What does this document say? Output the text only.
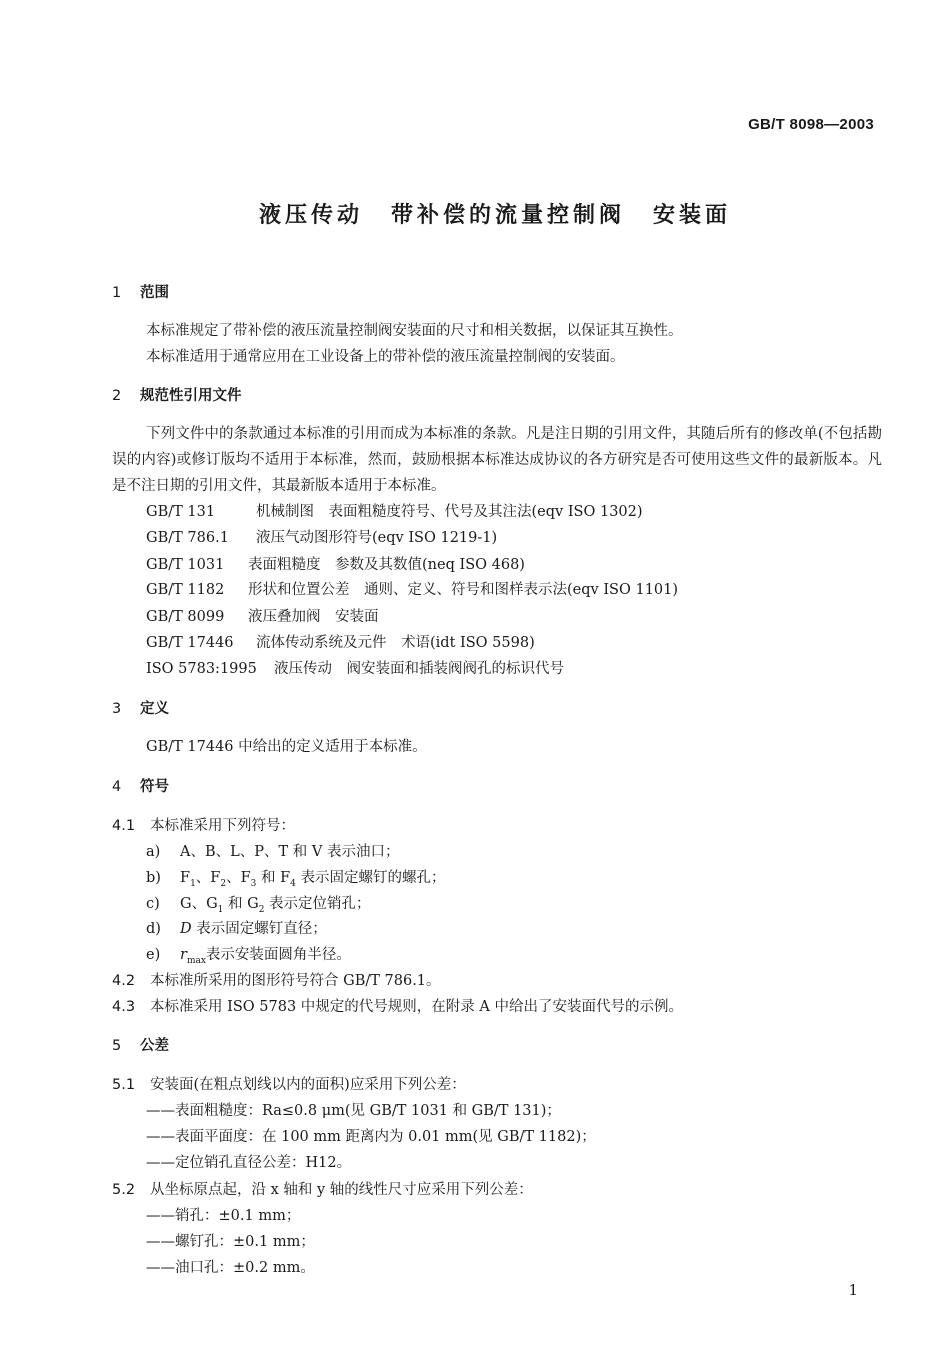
GB/T 8098—2003
液压传动 带补偿的流量控制阀 安装面
1 范围
本标准规定了带补偿的液压流量控制阀安装面的尺寸和相关数据，以保证其互换性。
本标准适用于通常应用在工业设备上的带补偿的液压流量控制阀的安装面。
2 规范性引用文件
下列文件中的条款通过本标准的引用而成为本标准的条款。凡是注日期的引用文件，其随后所有的修改单(不包括勘误的内容)或修订版均不适用于本标准，然而，鼓励根据本标准达成协议的各方研究是否可使用这些文件的最新版本。凡是不注日期的引用文件，其最新版本适用于本标准。
GB/T 131	机械制图　表面粗糙度符号、代号及其注法(eqv ISO 1302)
GB/T 786.1 液压气动图形符号(eqv ISO 1219-1)
GB/T 1031 表面粗糙度　参数及其数值(neq ISO 468)
GB/T 1182 形状和位置公差　通则、定义、符号和图样表示法(eqv ISO 1101)
GB/T 8099 液压叠加阀　安装面
GB/T 17446 流体传动系统及元件　术语(idt ISO 5598)
ISO 5783:1995 液压传动　阀安装面和插装阀阀孔的标识代号
3 定义
GB/T 17446 中给出的定义适用于本标准。
4 符号
4.1 本标准采用下列符号：
a) A、B、L、P、T 和 V 表示油口；
b) $F_1$、$F_2$、$F_3$ 和 $F_4$ 表示固定螺钉的螺孔；
c) G、$G_1$ 和 $G_2$ 表示定位销孔；
d) D 表示固定螺钉直径；
e) $r_{max}$表示安装面圆角半径。
4.2 本标准所采用的图形符号符合 GB/T 786.1。
4.3 本标准采用 ISO 5783 中规定的代号规则，在附录 A 中给出了安装面代号的示例。
5 公差
5.1 安装面(在粗点划线以内的面积)应采用下列公差：
——表面粗糙度：Ra≤0.8 μm(见 GB/T 1031 和 GB/T 131)；
——表面平面度：在 100 mm 距离内为 0.01 mm(见 GB/T 1182)；
——定位销孔直径公差：H12。
5.2 从坐标原点起，沿 x 轴和 y 轴的线性尺寸应采用下列公差：
——销孔：±0.1 mm；
——螺钉孔：±0.1 mm；
——油口孔：±0.2 mm。
1
